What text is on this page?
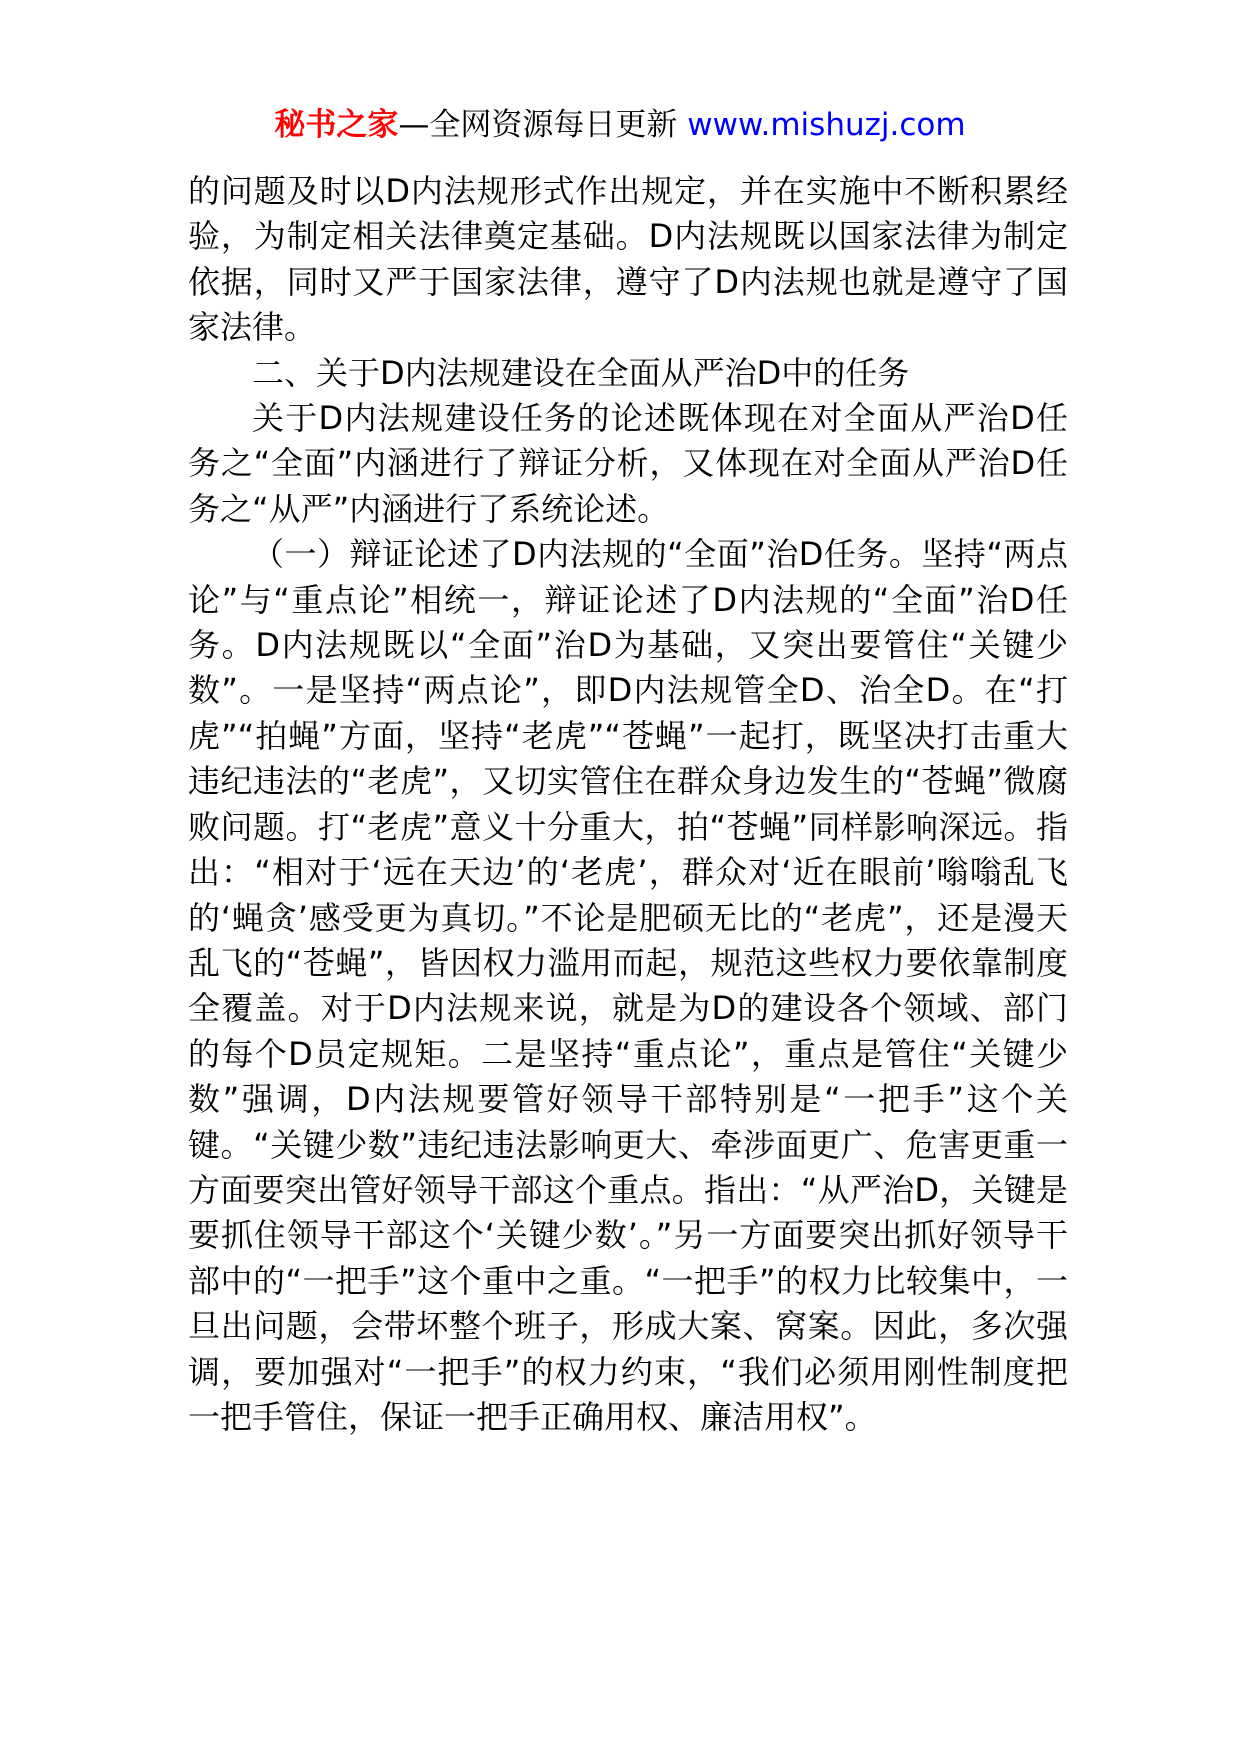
秘书之家—全网资源每日更新 www.mishuzj.com

的问题及时以D内法规形式作出规定，并在实施中不断积累经验，为制定相关法律奠定基础。D内法规既以国家法律为制定依据，同时又严于国家法律，遵守了D内法规也就是遵守了国家法律。

二、关于D内法规建设在全面从严治D中的任务

关于D内法规建设任务的论述既体现在对全面从严治D任务之“全面”内涵进行了辩证分析，又体现在对全面从严治D任务之“从严”内涵进行了系统论述。

（一）辩证论述了D内法规的“全面”治D任务。坚持“两点论”与“重点论”相统一，辩证论述了D内法规的“全面”治D任务。D内法规既以“全面”治D为基础，又突出要管住“关键少数”。一是坚持“两点论”，即D内法规管全D、治全D。在“打虎”“拍蝇”方面，坚持“老虎”“苍蝇”一起打，既坚决打击重大违纪违法的“老虎”，又切实管住在群众身边发生的“苍蝇”微腐败问题。打“老虎”意义十分重大，拍“苍蝇”同样影响深远。指出：“相对于‘远在天边’的‘老虎’，群众对‘近在眼前’嗡嗡乱飞的‘蝇贪’感受更为真切。”不论是肥硕无比的“老虎”，还是漫天乱飞的“苍蝇”，皆因权力滥用而起，规范这些权力要依靠制度全覆盖。对于D内法规来说，就是为D的建设各个领域、部门的每个D员定规矩。二是坚持“重点论”，重点是管住“关键少数”强调，D内法规要管好领导干部特别是“一把手”这个关键。“关键少数”违纪违法影响更大、牵涉面更广、危害更重一方面要突出管好领导干部这个重点。指出：“从严治D，关键是要抓住领导干部这个‘关键少数’。”另一方面要突出抓好领导干部中的“一把手”这个重中之重。“一把手”的权力比较集中，一旦出问题，会带坏整个班子，形成大案、窝案。因此，多次强调，要加强对“一把手”的权力约束，“我们必须用刚性制度把一把手管住，保证一把手正确用权、廉洁用权”。
